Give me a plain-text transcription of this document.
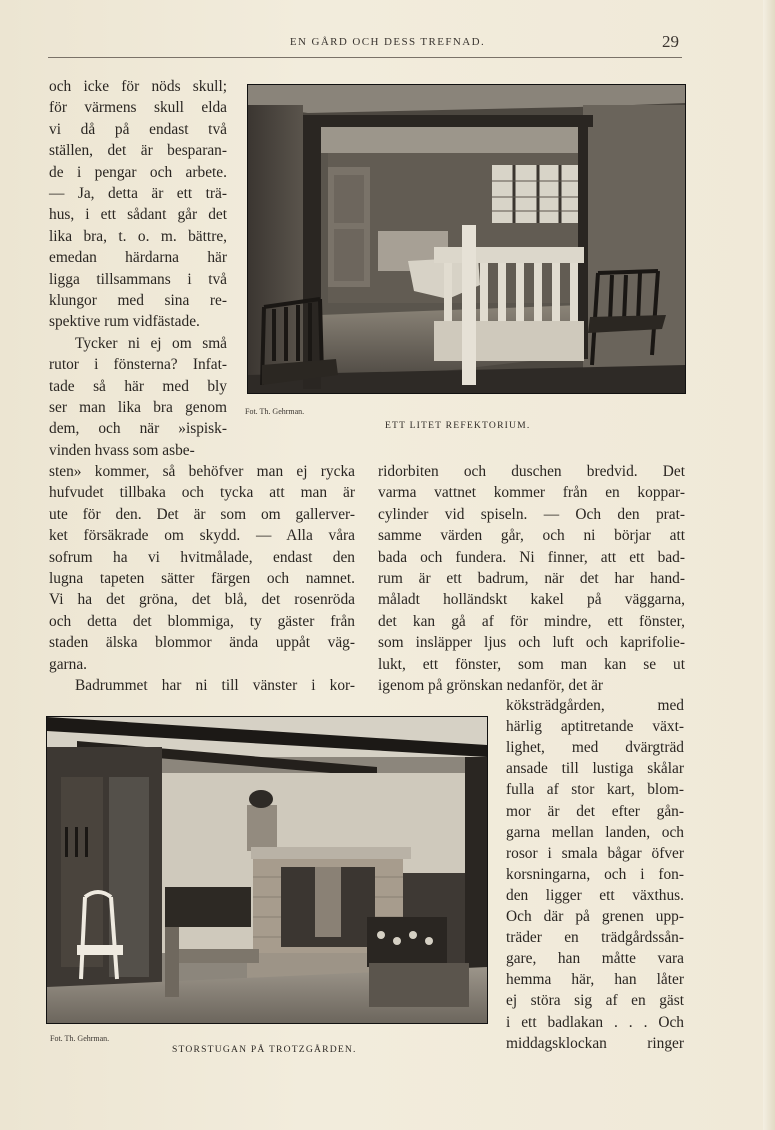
EN GÅRD OCH DESS TREFNAD.	29
och icke för nöds skull;
för värmens skull elda
vi då på endast två
ställen, det är besparan-
de i pengar och arbete.
— Ja, detta är ett trä-
hus, i ett sådant går det
lika bra, t. o. m. bättre,
emedan härdarna här
ligga tillsammans i två
klungor med sina re-
spektive rum vidfästade.
Tycker ni ej om små
rutor i fönsterna? Infat-
tade så här med bly
ser man lika bra genom
dem, och när »ispisk-
vinden hvass som asbe-
sten» kommer, så behöfver man ej rycka
hufvudet tillbaka och tycka att man är
ute för den. Det är som om gallerver-
ket försäkrade om skydd. — Alla våra
sofrum ha vi hvitmålade, endast den
lugna tapeten sätter färgen och namnet.
Vi ha det gröna, det blå, det rosenröda
och detta det blommiga, ty gäster från
staden älska blommor ända uppåt väg-
garna.
Badrummet har ni till vänster i kor-
ridorbiten och duschen bredvid. Det
varma vattnet kommer från en koppar-
cylinder vid spiseln. — Och den prat-
samme värden går, och ni börjar att
bada och fundera. Ni finner, att ett bad-
rum är ett badrum, när det har hand-
måladt holländskt kakel på väggarna,
det kan gå af för mindre, ett fönster,
som insläpper ljus och luft och kaprifolie-
lukt, ett fönster, som man kan se ut
igenom på grönskan nedanför, det är
köksträdgården, med
härlig aptitretande växt-
lighet, med dvärgträd
ansade till lustiga skålar
fulla af stor kart, blom-
mor är det efter gån-
garna mellan landen, och
rosor i smala bågar öfver
korsningarna, och i fon-
den ligger ett växthus.
Och där på grenen upp-
träder en trädgårdssån-
gare, han måtte vara
hemma här, han låter
ej störa sig af en gäst
i ett badlakan . . . Och
middagsklockan ringer
Fot. Th. Gehrman.
ETT LITET REFEKTORIUM.
Fot. Th. Gehrman.
STORSTUGAN PÅ TROTZGÅRDEN.
